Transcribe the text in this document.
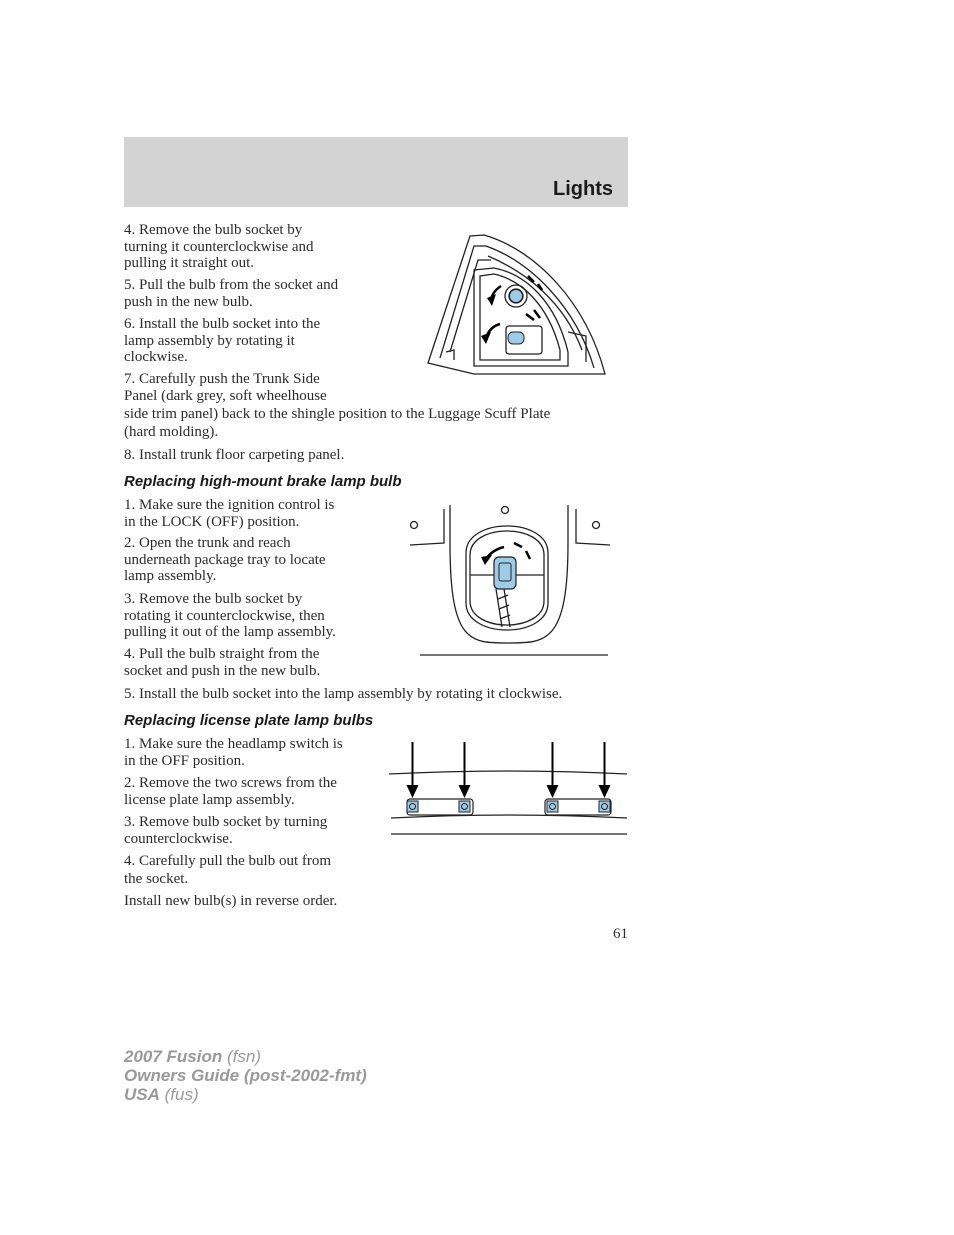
Lights

4. Remove the bulb socket by
turning it counterclockwise and
pulling it straight out.

5. Pull the bulb from the socket and
push in the new bulb.

6. Install the bulb socket into the
lamp assembly by rotating it
clockwise.

7. Carefully push the Trunk Side
Panel (dark grey, soft wheelhouse

side trim panel) back to the shingle position to the Luggage Scuff Plate
(hard molding).

8. Install trunk floor carpeting panel.

Replacing high-mount brake lamp bulb

1. Make sure the ignition control is
in the LOCK (OFF) position.

2. Open the trunk and reach
underneath package tray to locate
lamp assembly.

3. Remove the bulb socket by
rotating it counterclockwise, then
pulling it out of the lamp assembly.

4. Pull the bulb straight from the
socket and push in the new bulb.

5. Install the bulb socket into the lamp assembly by rotating it clockwise.

Replacing license plate lamp bulbs

1. Make sure the headlamp switch is
in the OFF position.

2. Remove the two screws from the
license plate lamp assembly.

3. Remove bulb socket by turning
counterclockwise.

4. Carefully pull the bulb out from
the socket.

Install new bulb(s) in reverse order.

61
2007 Fusion (fsn)
Owners Guide (post-2002-fmt)
USA (fus)
